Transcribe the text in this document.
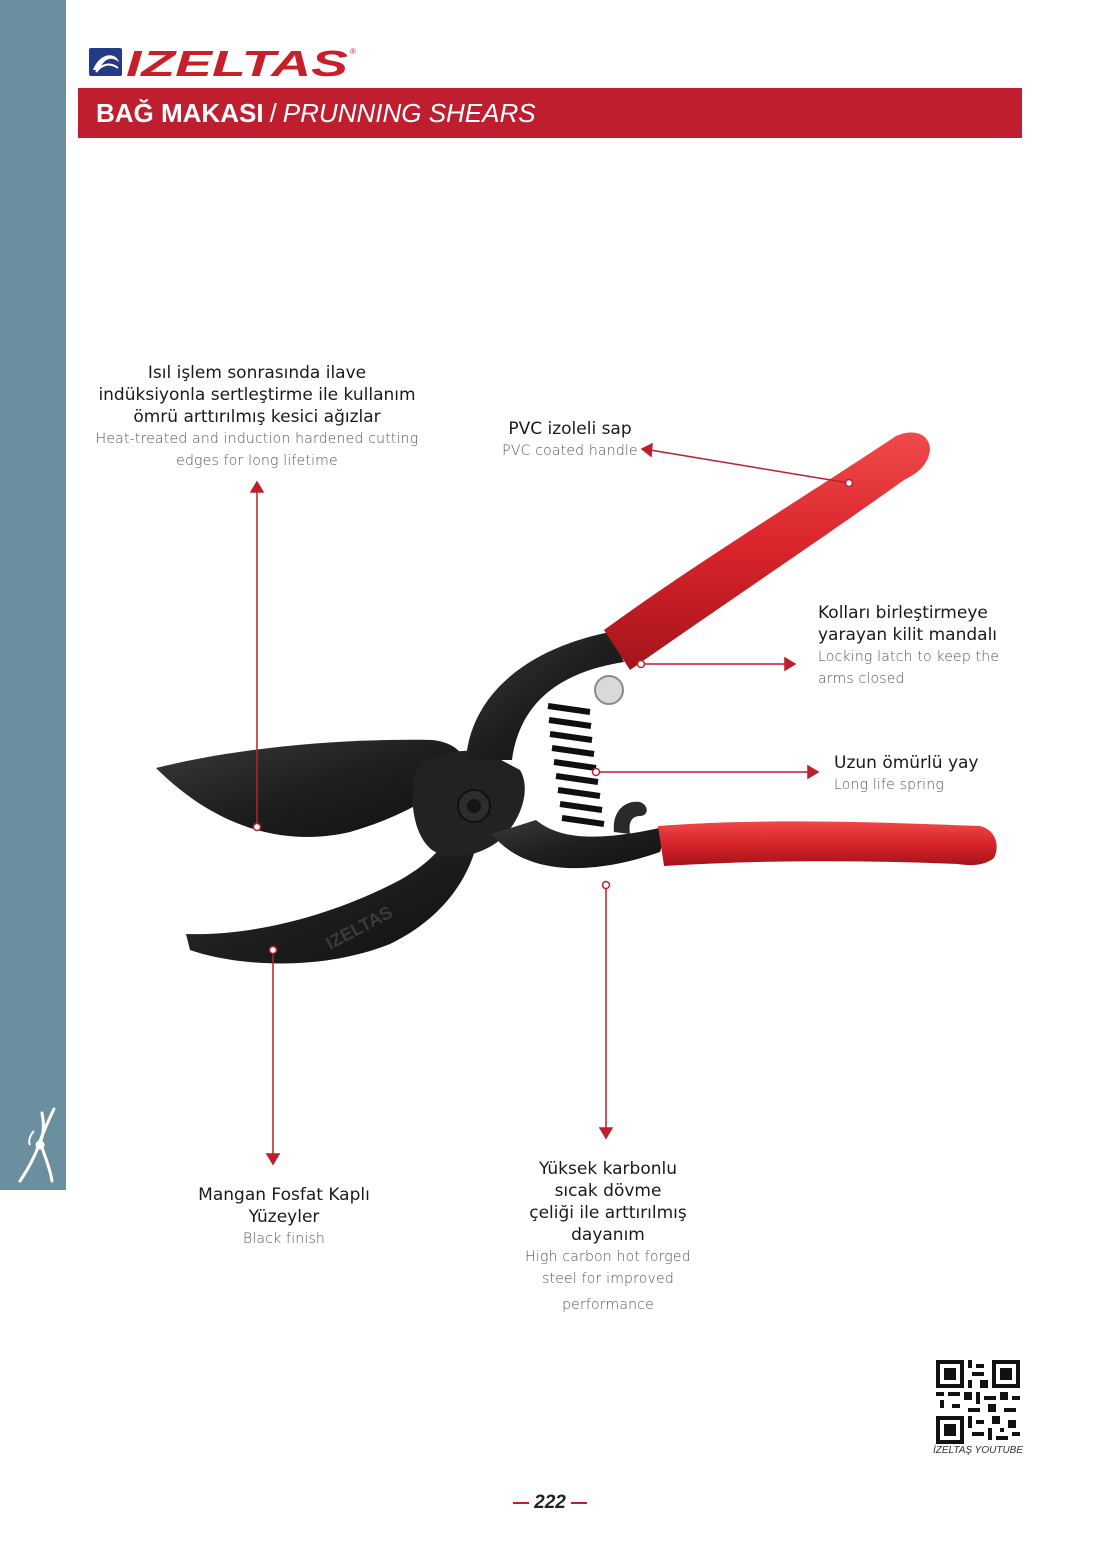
IZELTAS ®
BAĞ MAKASI / PRUNNING SHEARS
IZELTAS
Isıl işlem sonrasında ilave
indüksiyonla sertleştirme ile kullanım
ömrü arttırılmış kesici ağızlar
Heat-treated and induction hardened cutting
edges for long lifetime
PVC izoleli sap
PVC coated handle
Kolları birleştirmeye
yarayan kilit mandalı
Locking latch to keep the
arms closed
Uzun ömürlü yay
Long life spring
Mangan Fosfat Kaplı
Yüzeyler
Black finish
Yüksek karbonlu
sıcak dövme
çeliği ile arttırılmış
dayanım
High carbon hot forged
steel for improved
performance
İZELTAŞ YOUTUBE
222
